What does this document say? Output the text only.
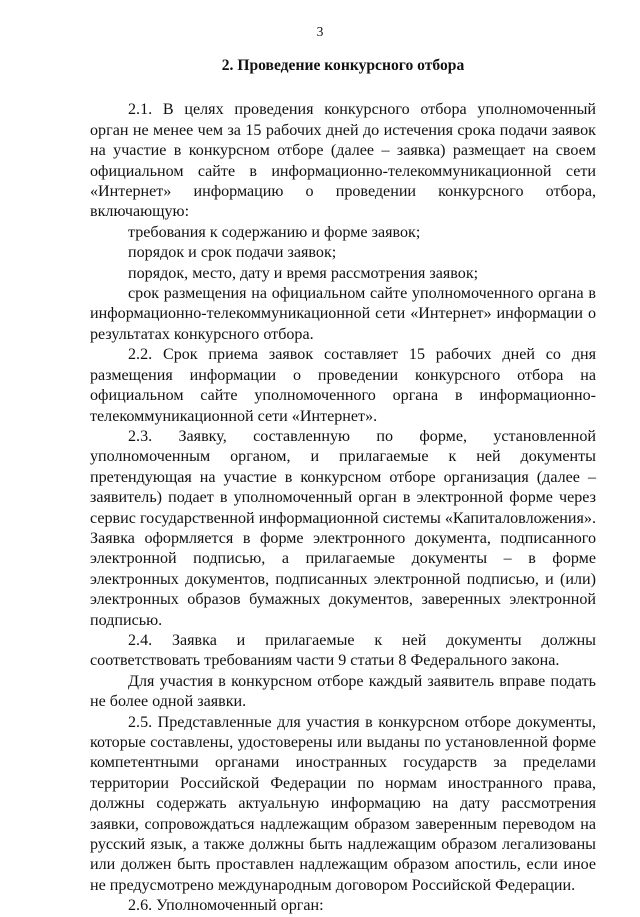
3
2. Проведение конкурсного отбора

2.1. В целях проведения конкурсного отбора уполномоченный орган не менее чем за 15 рабочих дней до истечения срока подачи заявок на участие в конкурсном отборе (далее – заявка) размещает на своем официальном сайте в информационно-телекоммуникационной сети «Интернет» информацию о проведении конкурсного отбора, включающую:

требования к содержанию и форме заявок;

порядок и срок подачи заявок;

порядок, место, дату и время рассмотрения заявок;

срок размещения на официальном сайте уполномоченного органа в информационно-телекоммуникационной сети «Интернет» информации о результатах конкурсного отбора.

2.2. Срок приема заявок составляет 15 рабочих дней со дня размещения информации о проведении конкурсного отбора на официальном сайте уполномоченного органа в информационно-телекоммуникационной сети «Интернет».

2.3. Заявку, составленную по форме, установленной уполномоченным органом, и прилагаемые к ней документы претендующая на участие в конкурсном отборе организация (далее – заявитель) подает в уполномоченный орган в электронной форме через сервис государственной информационной системы «Капиталовложения». Заявка оформляется в форме электронного документа, подписанного электронной подписью, а прилагаемые документы – в форме электронных документов, подписанных электронной подписью, и (или) электронных образов бумажных документов, заверенных электронной подписью.

2.4. Заявка и прилагаемые к ней документы должны соответствовать требованиям части 9 статьи 8 Федерального закона.

Для участия в конкурсном отборе каждый заявитель вправе подать не более одной заявки.

2.5. Представленные для участия в конкурсном отборе документы, которые составлены, удостоверены или выданы по установленной форме компетентными органами иностранных государств за пределами территории Российской Федерации по нормам иностранного права, должны содержать актуальную информацию на дату рассмотрения заявки, сопровождаться надлежащим образом заверенным переводом на русский язык, а также должны быть надлежащим образом легализованы или должен быть проставлен надлежащим образом апостиль, если иное не предусмотрено международным договором Российской Федерации.

2.6. Уполномоченный орган:
